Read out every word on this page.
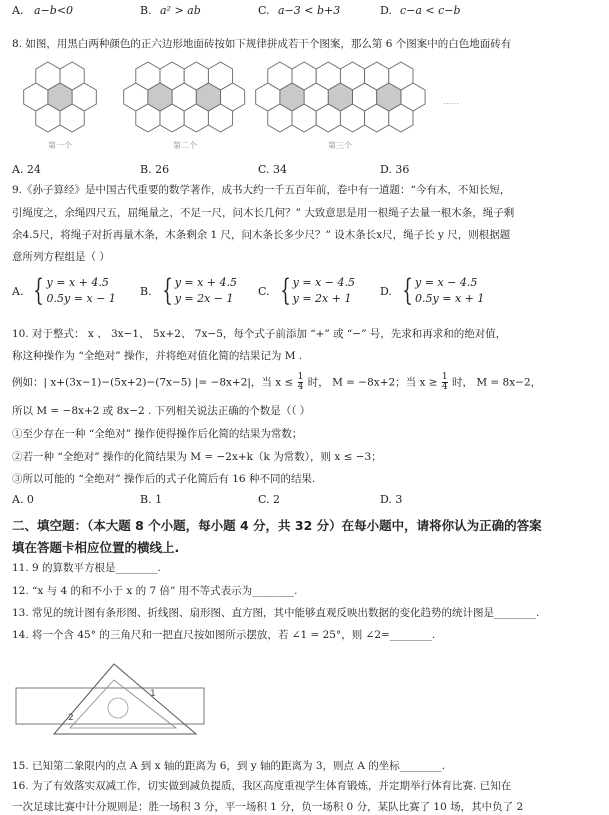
A. a−b<0	B. a² > ab	C. a−3 < b+3	D. c−a < c−b
8. 如图，用黑白两种颜色的正六边形地面砖按如下规律拼成若干个图案，那么第 6 个图案中的白色地面砖有
第一个	第二个	第三个
……
A. 24	B. 26	C. 34	D. 36
9.《孙子算经》是中国古代重要的数学著作，成书大约一千五百年前，卷中有一道题：“今有木，不知长短，
引绳度之，余绳四尺五，屈绳量之，不足一尺，问木长几何？” 大致意思是用一根绳子去量一根木条，绳子剩
余4.5尺，将绳子对折再量木条，木条剩余 1 尺，问木条长多少尺？” 设木条长x尺，绳子长 y 尺，则根据题
意所列方程组是（ ）
A. { y = x + 4.5
0.5y = x − 1
B. { y = x + 4.5
y = 2x − 1
C. { y = x − 4.5
y = 2x + 1
D. { y = x − 4.5
0.5y = x + 1
10. 对于整式： x 、 3x−1、 5x+2、 7x−5，每个式子前添加 “+” 或 “−” 号，先求和再求和的绝对值，
称这种操作为 “全绝对” 操作，并将绝对值化简的结果记为 M .
例如：| x+(3x−1)−(5x+2)−(7x−5) |= −8x+2|，当 $x \le \frac{1}{4}$ 时， M = −8x+2；当 $x \ge \frac{1}{4}$ 时， M = 8x−2，
所以 M = −8x+2 或 8x−2 . 下列相关说法正确的个数是（（ ）
①至少存在一种 “全绝对” 操作使得操作后化简的结果为常数；
②若一种 “全绝对” 操作的化简结果为 M = −2x+k（k 为常数），则 x ≤ −3；
③所以可能的 “全绝对” 操作后的式子化简后有 16 种不同的结果.
A. 0	B. 1	C. 2	D. 3
二、填空题：（本大题 8 个小题，每小题 4 分，共 32 分）在每小题中，请将你认为正确的答案
填在答题卡相应位置的横线上.
11. 9 的算数平方根是________.
12. “x 与 4 的和不小于 x 的 7 倍” 用不等式表示为________.
13. 常见的统计图有条形图、折线图、扇形图、直方图，其中能够直观反映出数据的变化趋势的统计图是________.
14. 将一个含 45° 的三角尺和一把直尺按如图所示摆放，若 ∠1 = 25°，则 ∠2=________.
1
2
15. 已知第二象限内的点 A 到 x 轴的距离为 6，到 y 轴的距离为 3，则点 A 的坐标________.
16. 为了有效落实双减工作，切实做到减负提质，我区高度重视学生体育锻炼，并定期举行体育比赛. 已知在
一次足球比赛中计分规则是：胜一场积 3 分，平一场积 1 分，负一场积 0 分，某队比赛了 10 场，其中负了 2
